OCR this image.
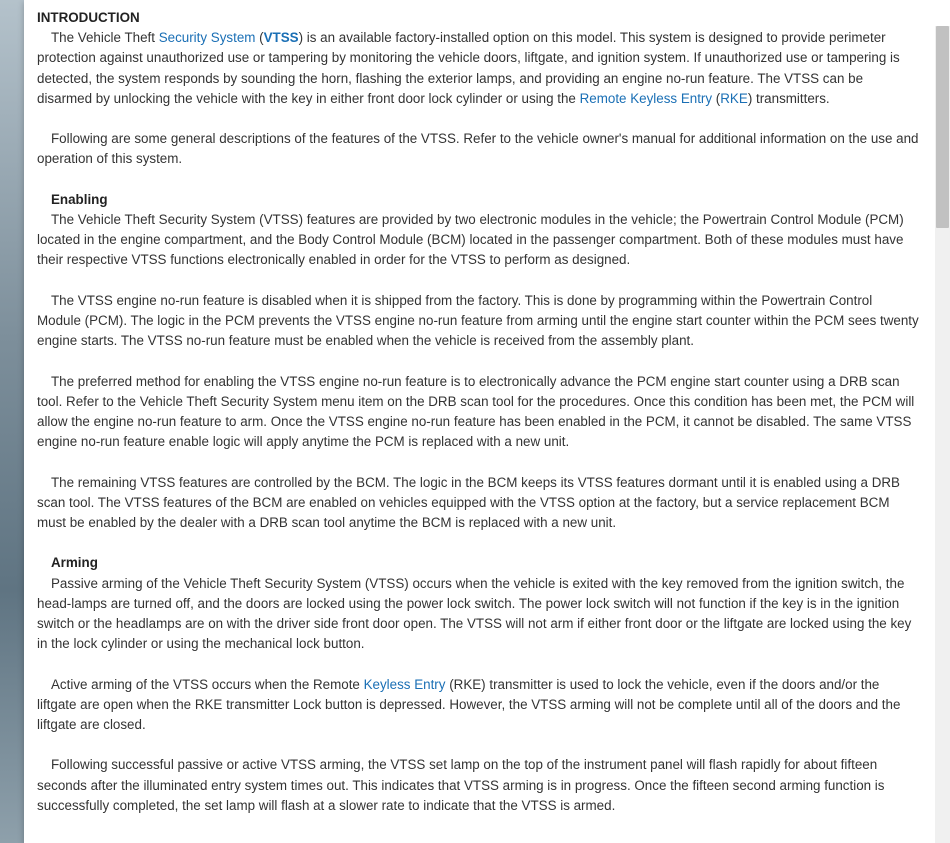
INTRODUCTION

The Vehicle Theft Security System (VTSS) is an available factory-installed option on this model. This system is designed to provide perimeter protection against unauthorized use or tampering by monitoring the vehicle doors, liftgate, and ignition system. If unauthorized use or tampering is detected, the system responds by sounding the horn, flashing the exterior lamps, and providing an engine no-run feature. The VTSS can be disarmed by unlocking the vehicle with the key in either front door lock cylinder or using the Remote Keyless Entry (RKE) transmitters.

Following are some general descriptions of the features of the VTSS. Refer to the vehicle owner's manual for additional information on the use and operation of this system.

Enabling

The Vehicle Theft Security System (VTSS) features are provided by two electronic modules in the vehicle; the Powertrain Control Module (PCM) located in the engine compartment, and the Body Control Module (BCM) located in the passenger compartment. Both of these modules must have their respective VTSS functions electronically enabled in order for the VTSS to perform as designed.

The VTSS engine no-run feature is disabled when it is shipped from the factory. This is done by programming within the Powertrain Control Module (PCM). The logic in the PCM prevents the VTSS engine no-run feature from arming until the engine start counter within the PCM sees twenty engine starts. The VTSS no-run feature must be enabled when the vehicle is received from the assembly plant.

The preferred method for enabling the VTSS engine no-run feature is to electronically advance the PCM engine start counter using a DRB scan tool. Refer to the Vehicle Theft Security System menu item on the DRB scan tool for the procedures. Once this condition has been met, the PCM will allow the engine no-run feature to arm. Once the VTSS engine no-run feature has been enabled in the PCM, it cannot be disabled. The same VTSS engine no-run feature enable logic will apply anytime the PCM is replaced with a new unit.

The remaining VTSS features are controlled by the BCM. The logic in the BCM keeps its VTSS features dormant until it is enabled using a DRB scan tool. The VTSS features of the BCM are enabled on vehicles equipped with the VTSS option at the factory, but a service replacement BCM must be enabled by the dealer with a DRB scan tool anytime the BCM is replaced with a new unit.

Arming

Passive arming of the Vehicle Theft Security System (VTSS) occurs when the vehicle is exited with the key removed from the ignition switch, the head-lamps are turned off, and the doors are locked using the power lock switch. The power lock switch will not function if the key is in the ignition switch or the headlamps are on with the driver side front door open. The VTSS will not arm if either front door or the liftgate are locked using the key in the lock cylinder or using the mechanical lock button.

Active arming of the VTSS occurs when the Remote Keyless Entry (RKE) transmitter is used to lock the vehicle, even if the doors and/or the liftgate are open when the RKE transmitter Lock button is depressed. However, the VTSS arming will not be complete until all of the doors and the liftgate are closed.

Following successful passive or active VTSS arming, the VTSS set lamp on the top of the instrument panel will flash rapidly for about fifteen seconds after the illuminated entry system times out. This indicates that VTSS arming is in progress. Once the fifteen second arming function is successfully completed, the set lamp will flash at a slower rate to indicate that the VTSS is armed.
